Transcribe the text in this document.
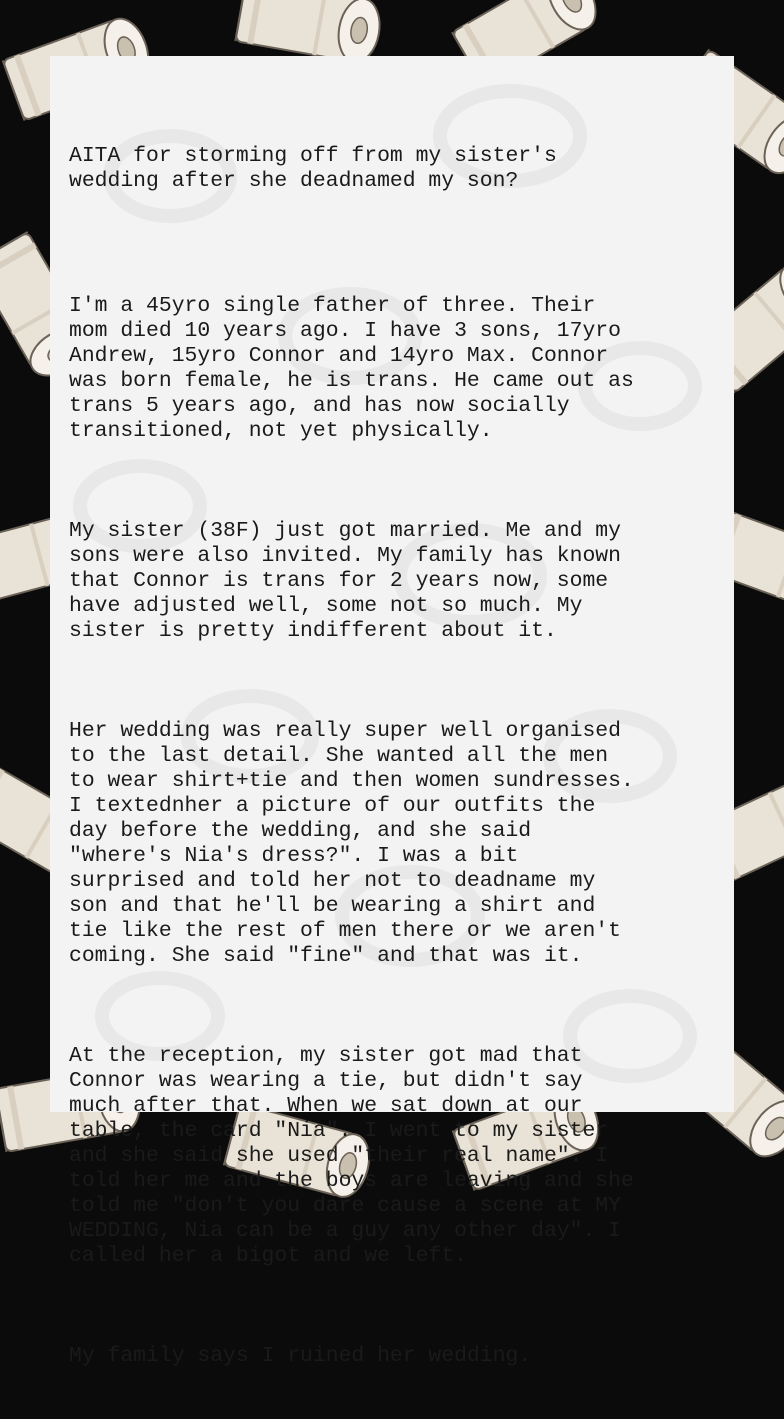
AITA for storming off from my sister's
wedding after she deadnamed my son?

I'm a 45yro single father of three. Their
mom died 10 years ago. I have 3 sons, 17yro
Andrew, 15yro Connor and 14yro Max. Connor
was born female, he is trans. He came out as
trans 5 years ago, and has now socially
transitioned, not yet physically.

My sister (38F) just got married. Me and my
sons were also invited. My family has known
that Connor is trans for 2 years now, some
have adjusted well, some not so much. My
sister is pretty indifferent about it.

Her wedding was really super well organised
to the last detail. She wanted all the men
to wear shirt+tie and then women sundresses.
I textednher a picture of our outfits the
day before the wedding, and she said
"where's Nia's dress?". I was a bit
surprised and told her not to deadname my
son and that he'll be wearing a shirt and
tie like the rest of men there or we aren't
coming. She said "fine" and that was it.

At the reception, my sister got mad that
Connor was wearing a tie, but didn't say
much after that. When we sat down at our
table, the card "Nia". I went to my sister
and she said she used "their real name". I
told her me and the boys are leaving and she
told me "don't you dare cause a scene at MY
WEDDING, Nia can be a guy any other day". I
called her a bigot and we left.

My family says I ruined her wedding.
